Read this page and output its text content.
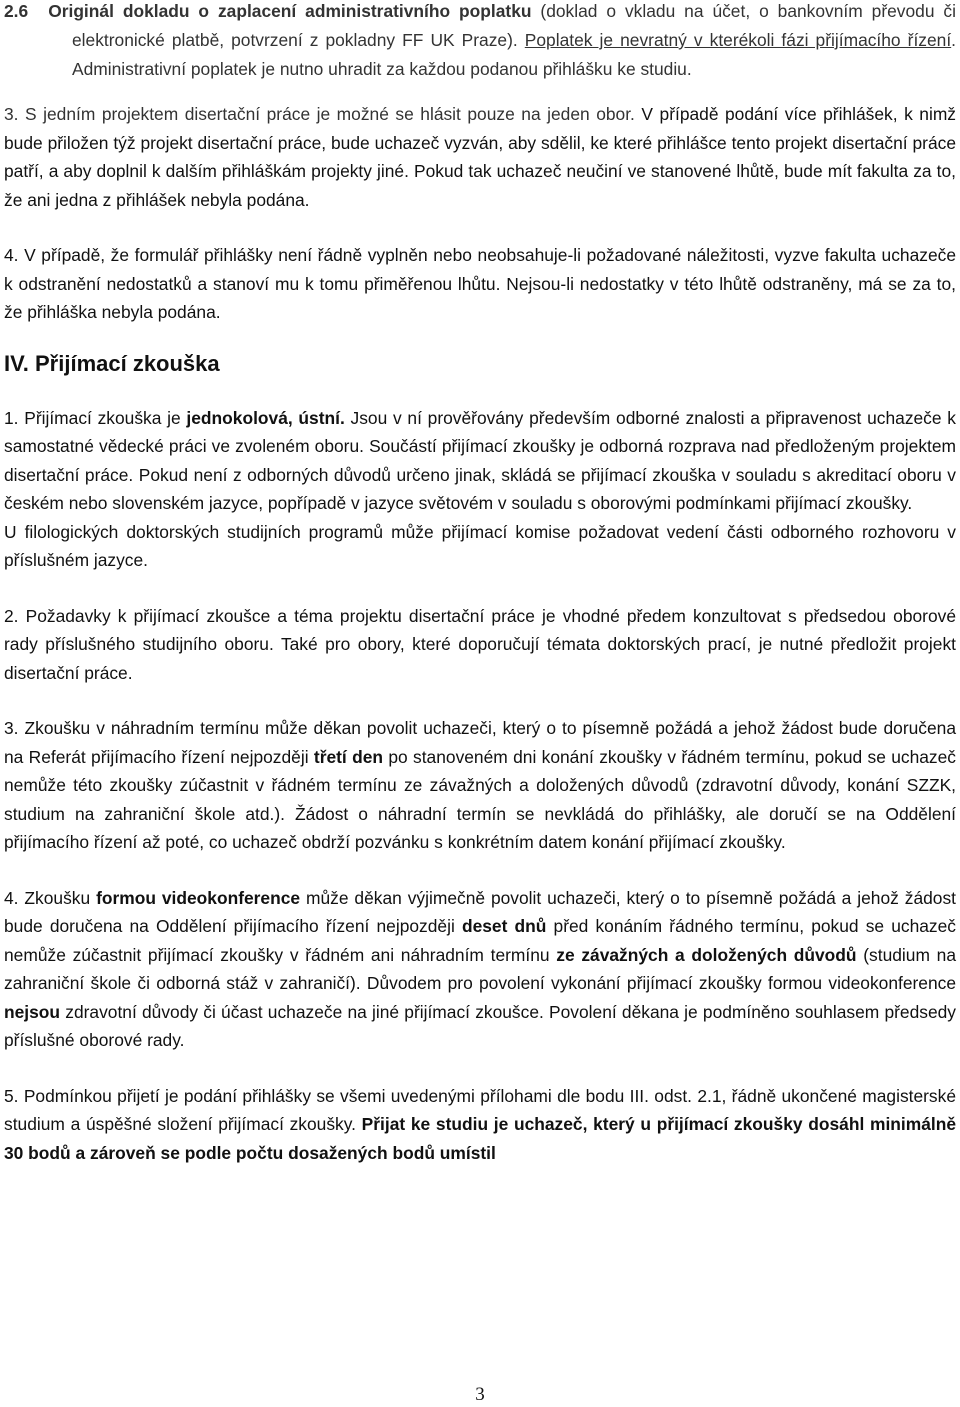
2.6 Originál dokladu o zaplacení administrativního poplatku (doklad o vkladu na účet, o bankovním převodu či elektronické platbě, potvrzení z pokladny FF UK Praze). Poplatek je nevratný v kterékoli fázi přijímacího řízení. Administrativní poplatek je nutno uhradit za každou podanou přihlášku ke studiu.

3. S jedním projektem disertační práce je možné se hlásit pouze na jeden obor. V případě podání více přihlášek, k nimž bude přiložen týž projekt disertační práce, bude uchazeč vyzván, aby sdělil, ke které přihlášce tento projekt disertační práce patří, a aby doplnil k dalším přihláškám projekty jiné. Pokud tak uchazeč neučiní ve stanovené lhůtě, bude mít fakulta za to, že ani jedna z přihlášek nebyla podána.

4. V případě, že formulář přihlášky není řádně vyplněn nebo neobsahuje-li požadované náležitosti, vyzve fakulta uchazeče k odstranění nedostatků a stanoví mu k tomu přiměřenou lhůtu. Nejsou-li nedostatky v této lhůtě odstraněny, má se za to, že přihláška nebyla podána.

IV. Přijímací zkouška

1. Přijímací zkouška je jednokolová, ústní. Jsou v ní prověřovány především odborné znalosti a připravenost uchazeče k samostatné vědecké práci ve zvoleném oboru. Součástí přijímací zkoušky je odborná rozprava nad předloženým projektem disertační práce. Pokud není z odborných důvodů určeno jinak, skládá se přijímací zkouška v souladu s akreditací oboru v českém nebo slovenském jazyce, popřípadě v jazyce světovém v souladu s oborovými podmínkami přijímací zkoušky.

U filologických doktorských studijních programů může přijímací komise požadovat vedení části odborného rozhovoru v příslušném jazyce.

2. Požadavky k přijímací zkoušce a téma projektu disertační práce je vhodné předem konzultovat s předsedou oborové rady příslušného studijního oboru. Také pro obory, které doporučují témata doktorských prací, je nutné předložit projekt disertační práce.

3. Zkoušku v náhradním termínu může děkan povolit uchazeči, který o to písemně požádá a jehož žádost bude doručena na Referát přijímacího řízení nejpozději třetí den po stanoveném dni konání zkoušky v řádném termínu, pokud se uchazeč nemůže této zkoušky zúčastnit v řádném termínu ze závažných a doložených důvodů (zdravotní důvody, konání SZZK, studium na zahraniční škole atd.). Žádost o náhradní termín se nevkládá do přihlášky, ale doručí se na Oddělení přijímacího řízení až poté, co uchazeč obdrží pozvánku s konkrétním datem konání přijímací zkoušky.

4. Zkoušku formou videokonference může děkan výjimečně povolit uchazeči, který o to písemně požádá a jehož žádost bude doručena na Oddělení přijímacího řízení nejpozději deset dnů před konáním řádného termínu, pokud se uchazeč nemůže zúčastnit přijímací zkoušky v řádném ani náhradním termínu ze závažných a doložených důvodů (studium na zahraniční škole či odborná stáž v zahraničí). Důvodem pro povolení vykonání přijímací zkoušky formou videokonference nejsou zdravotní důvody či účast uchazeče na jiné přijímací zkoušce. Povolení děkana je podmíněno souhlasem předsedy příslušné oborové rady.

5. Podmínkou přijetí je podání přihlášky se všemi uvedenými přílohami dle bodu III. odst. 2.1, řádně ukončené magisterské studium a úspěšné složení přijímací zkoušky. Přijat ke studiu je uchazeč, který u přijímací zkoušky dosáhl minimálně 30 bodů a zároveň se podle počtu dosažených bodů umístil

3
